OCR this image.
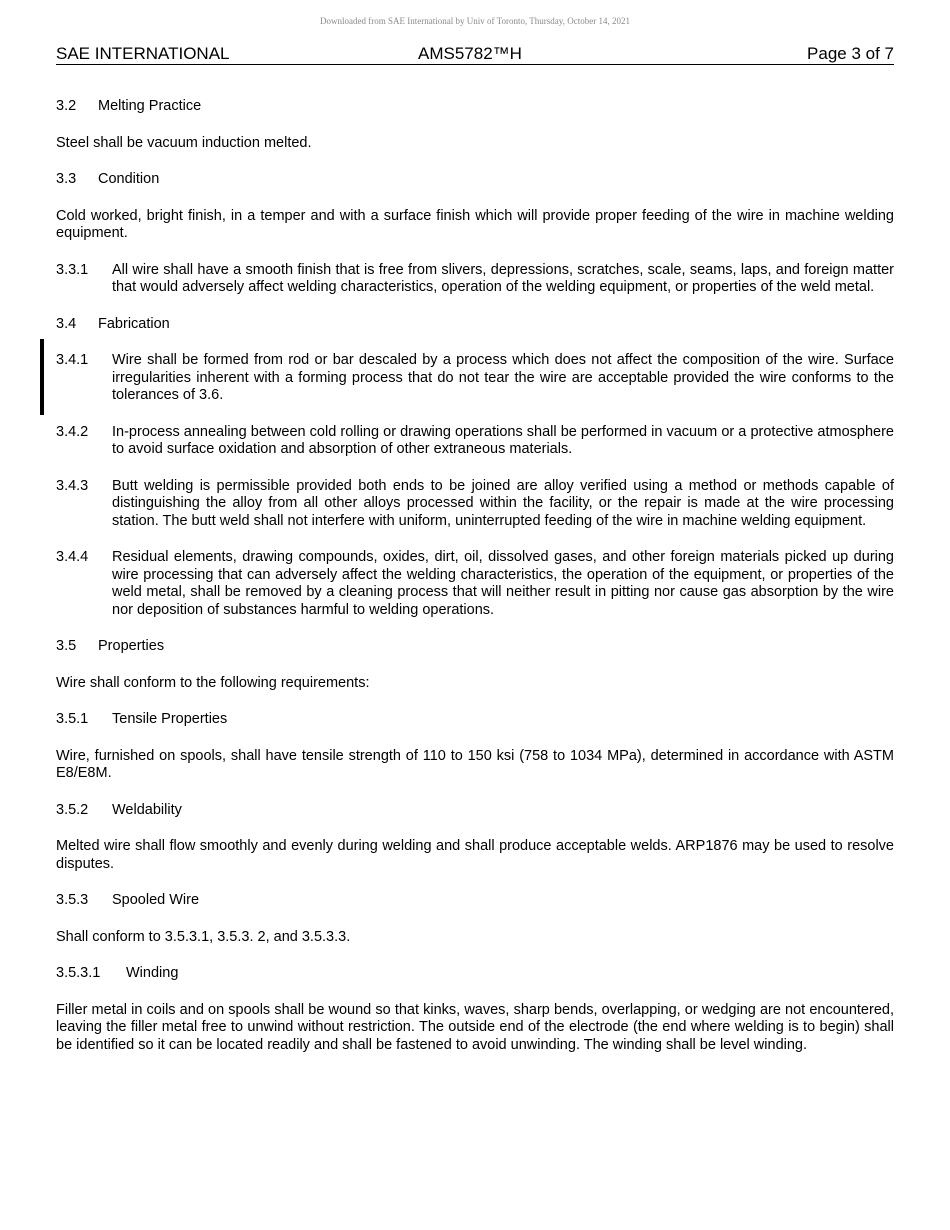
Downloaded from SAE International by Univ of Toronto, Thursday, October 14, 2021
SAE INTERNATIONAL	AMS5782™H	Page 3 of 7
3.2 Melting Practice
Steel shall be vacuum induction melted.
3.3 Condition
Cold worked, bright finish, in a temper and with a surface finish which will provide proper feeding of the wire in machine welding equipment.
3.3.1 All wire shall have a smooth finish that is free from slivers, depressions, scratches, scale, seams, laps, and foreign matter that would adversely affect welding characteristics, operation of the welding equipment, or properties of the weld metal.
3.4 Fabrication
3.4.1 Wire shall be formed from rod or bar descaled by a process which does not affect the composition of the wire. Surface irregularities inherent with a forming process that do not tear the wire are acceptable provided the wire conforms to the tolerances of 3.6.
3.4.2 In-process annealing between cold rolling or drawing operations shall be performed in vacuum or a protective atmosphere to avoid surface oxidation and absorption of other extraneous materials.
3.4.3 Butt welding is permissible provided both ends to be joined are alloy verified using a method or methods capable of distinguishing the alloy from all other alloys processed within the facility, or the repair is made at the wire processing station. The butt weld shall not interfere with uniform, uninterrupted feeding of the wire in machine welding equipment.
3.4.4 Residual elements, drawing compounds, oxides, dirt, oil, dissolved gases, and other foreign materials picked up during wire processing that can adversely affect the welding characteristics, the operation of the equipment, or properties of the weld metal, shall be removed by a cleaning process that will neither result in pitting nor cause gas absorption by the wire nor deposition of substances harmful to welding operations.
3.5 Properties
Wire shall conform to the following requirements:
3.5.1 Tensile Properties
Wire, furnished on spools, shall have tensile strength of 110 to 150 ksi (758 to 1034 MPa), determined in accordance with ASTM E8/E8M.
3.5.2 Weldability
Melted wire shall flow smoothly and evenly during welding and shall produce acceptable welds. ARP1876 may be used to resolve disputes.
3.5.3 Spooled Wire
Shall conform to 3.5.3.1, 3.5.3. 2, and 3.5.3.3.
3.5.3.1 Winding
Filler metal in coils and on spools shall be wound so that kinks, waves, sharp bends, overlapping, or wedging are not encountered, leaving the filler metal free to unwind without restriction. The outside end of the electrode (the end where welding is to begin) shall be identified so it can be located readily and shall be fastened to avoid unwinding. The winding shall be level winding.
